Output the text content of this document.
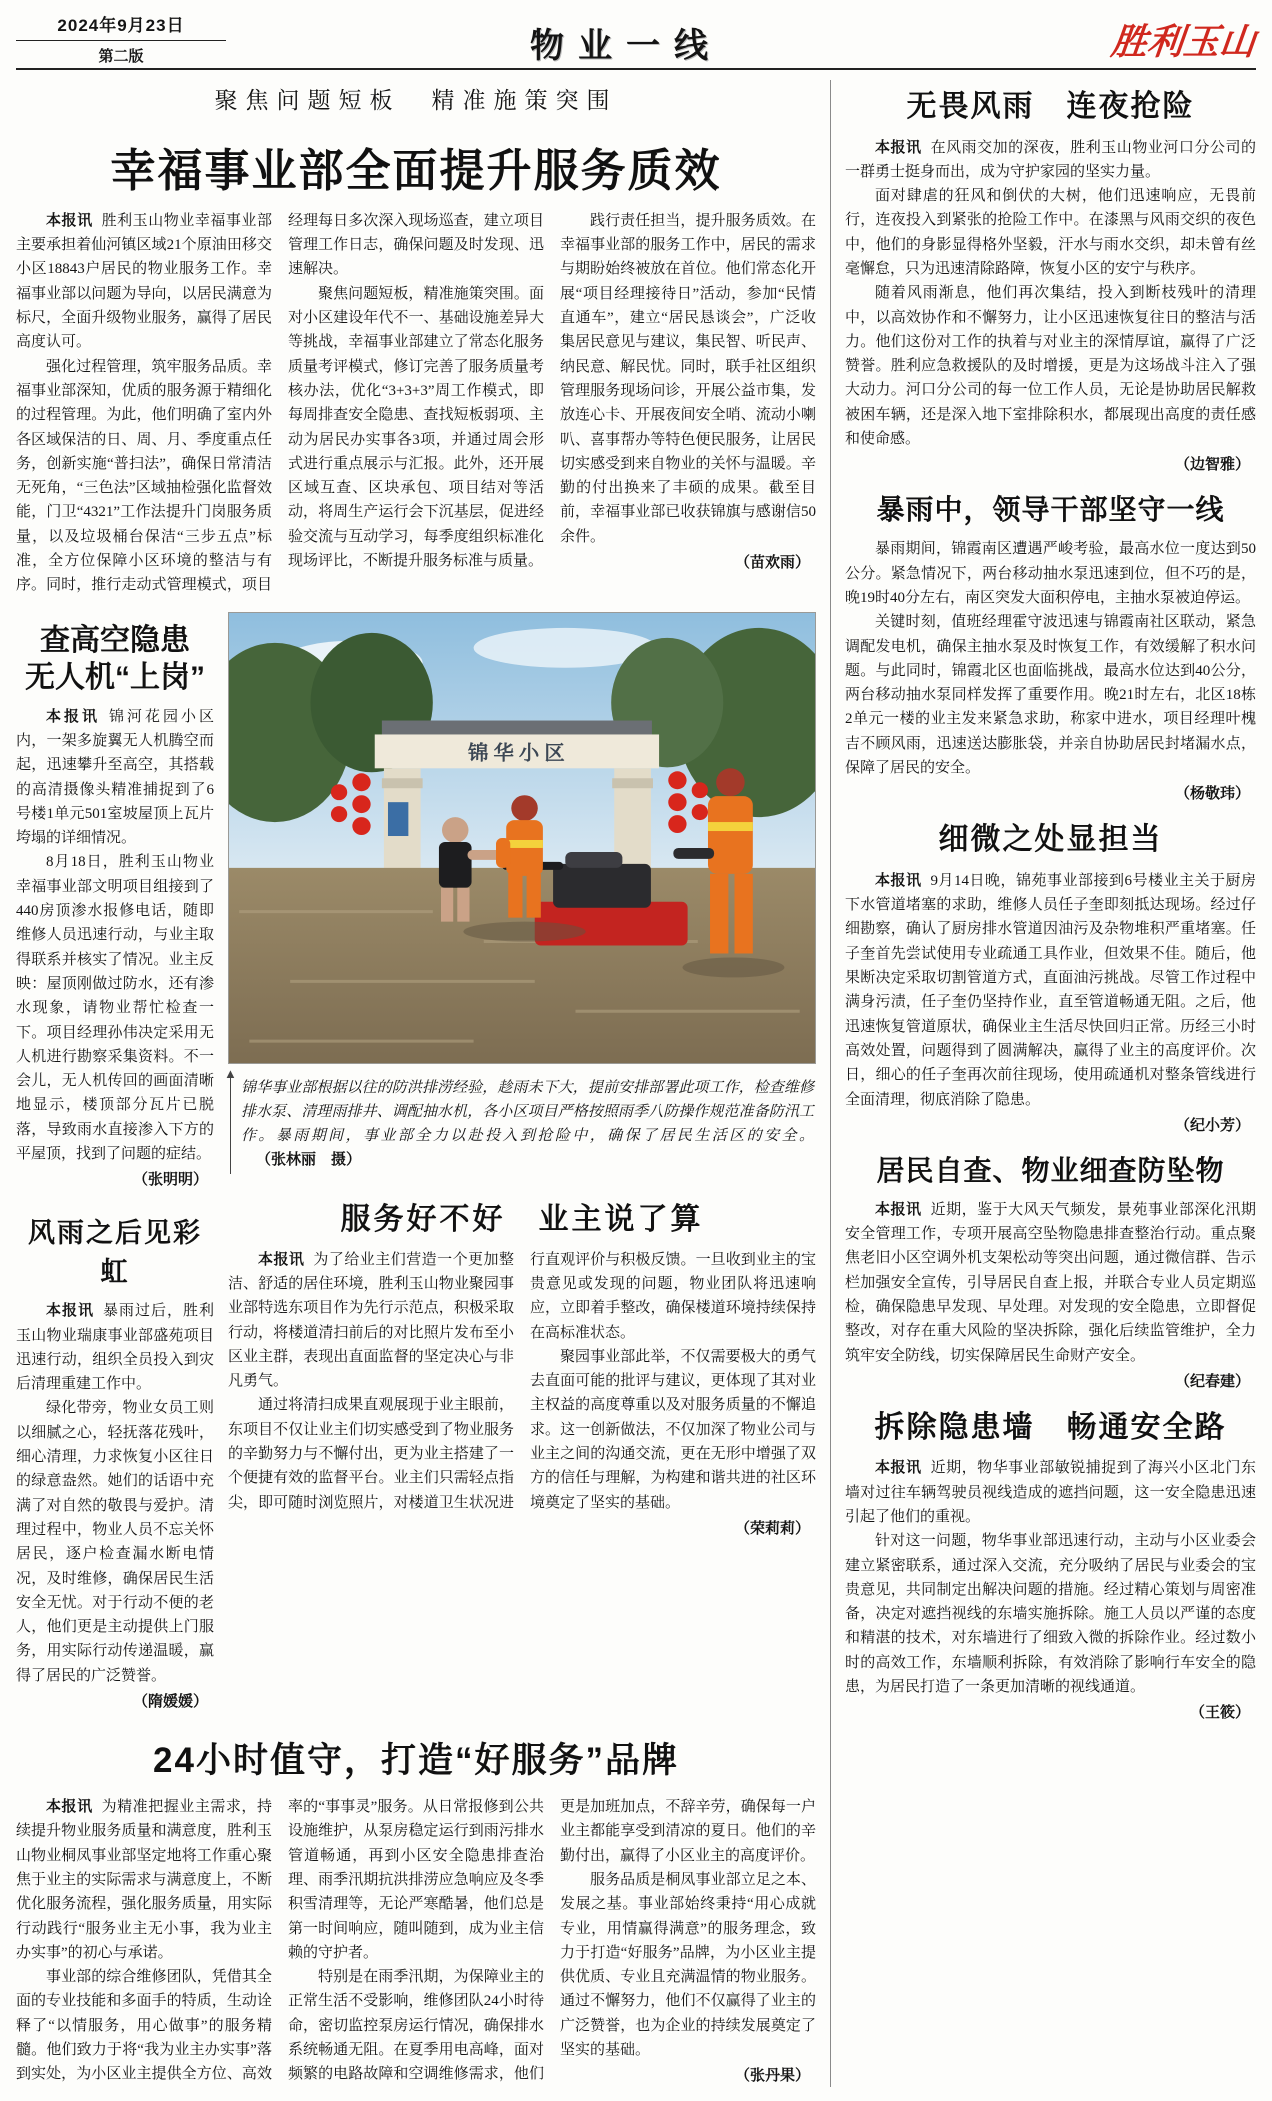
2024年9月23日
第二版	物业一线	胜利玉山
聚焦问题短板　精准施策突围
幸福事业部全面提升服务质效

本报讯 胜利玉山物业幸福事业部主要承担着仙河镇区域21个原油田移交小区18843户居民的物业服务工作。幸福事业部以问题为导向，以居民满意为标尺，全面升级物业服务，赢得了居民高度认可。

强化过程管理，筑牢服务品质。幸福事业部深知，优质的服务源于精细化的过程管理。为此，他们明确了室内外各区域保洁的日、周、月、季度重点任务，创新实施“普扫法”，确保日常清洁无死角，“三色法”区域抽检强化监督效能，门卫“4321”工作法提升门岗服务质量，以及垃圾桶台保洁“三步五点”标准，全方位保障小区环境的整洁与有序。同时，推行走动式管理模式，项目经理每日多次深入现场巡查，建立项目管理工作日志，确保问题及时发现、迅速解决。

聚焦问题短板，精准施策突围。面对小区建设年代不一、基础设施差异大等挑战，幸福事业部建立了常态化服务质量考评模式，修订完善了服务质量考核办法，优化“3+3+3”周工作模式，即每周排查安全隐患、查找短板弱项、主动为居民办实事各3项，并通过周会形式进行重点展示与汇报。此外，还开展区域互查、区块承包、项目结对等活动，将周生产运行会下沉基层，促进经验交流与互动学习，每季度组织标准化现场评比，不断提升服务标准与质量。

践行责任担当，提升服务质效。在幸福事业部的服务工作中，居民的需求与期盼始终被放在首位。他们常态化开展“项目经理接待日”活动，参加“民情直通车”，建立“居民恳谈会”，广泛收集居民意见与建议，集民智、听民声、纳民意、解民忧。同时，联手社区组织管理服务现场问诊，开展公益市集，发放连心卡、开展夜间安全哨、流动小喇叭、喜事帮办等特色便民服务，让居民切实感受到来自物业的关怀与温暖。辛勤的付出换来了丰硕的成果。截至目前，幸福事业部已收获锦旗与感谢信50余件。

（苗欢雨）
查高空隐患
无人机“上岗”

本报讯 锦河花园小区内，一架多旋翼无人机腾空而起，迅速攀升至高空，其搭载的高清摄像头精准捕捉到了6号楼1单元501室坡屋顶上瓦片垮塌的详细情况。

8月18日，胜利玉山物业幸福事业部文明项目组接到了440房顶渗水报修电话，随即维修人员迅速行动，与业主取得联系并核实了情况。业主反映：屋顶刚做过防水，还有渗水现象，请物业帮忙检查一下。项目经理孙伟决定采用无人机进行勘察采集资料。不一会儿，无人机传回的画面清晰地显示，楼顶部分瓦片已脱落，导致雨水直接渗入下方的平屋顶，找到了问题的症结。

（张明明）
风雨之后见彩虹

本报讯 暴雨过后，胜利玉山物业瑞康事业部盛苑项目迅速行动，组织全员投入到灾后清理重建工作中。

绿化带旁，物业女员工则以细腻之心，轻抚落花残叶，细心清理，力求恢复小区往日的绿意盎然。她们的话语中充满了对自然的敬畏与爱护。清理过程中，物业人员不忘关怀居民，逐户检查漏水断电情况，及时维修，确保居民生活安全无忧。对于行动不便的老人，他们更是主动提供上门服务，用实际行动传递温暖，赢得了居民的广泛赞誉。

（隋媛媛）
锦 华 小 区
▲
锦华事业部根据以往的防洪排涝经验，趁雨未下大，提前安排部署此项工作，检查维修排水泵、清理雨排井、调配抽水机，各小区项目严格按照雨季八防操作规范准备防汛工作。暴雨期间，事业部全力以赴投入到抢险中，确保了居民生活区的安全。 （张林丽　摄）
服务好不好　业主说了算

本报讯 为了给业主们营造一个更加整洁、舒适的居住环境，胜利玉山物业聚园事业部特选东项目作为先行示范点，积极采取行动，将楼道清扫前后的对比照片发布至小区业主群，表现出直面监督的坚定决心与非凡勇气。

通过将清扫成果直观展现于业主眼前，东项目不仅让业主们切实感受到了物业服务的辛勤努力与不懈付出，更为业主搭建了一个便捷有效的监督平台。业主们只需轻点指尖，即可随时浏览照片，对楼道卫生状况进行直观评价与积极反馈。一旦收到业主的宝贵意见或发现的问题，物业团队将迅速响应，立即着手整改，确保楼道环境持续保持在高标准状态。

聚园事业部此举，不仅需要极大的勇气去直面可能的批评与建议，更体现了其对业主权益的高度尊重以及对服务质量的不懈追求。这一创新做法，不仅加深了物业公司与业主之间的沟通交流，更在无形中增强了双方的信任与理解，为构建和谐共进的社区环境奠定了坚实的基础。

（荣莉莉）
24小时值守，打造“好服务”品牌

本报讯 为精准把握业主需求，持续提升物业服务质量和满意度，胜利玉山物业桐凤事业部坚定地将工作重心聚焦于业主的实际需求与满意度上，不断优化服务流程，强化服务质量，用实际行动践行“服务业主无小事，我为业主办实事”的初心与承诺。

事业部的综合维修团队，凭借其全面的专业技能和多面手的特质，生动诠释了“以情服务，用心做事”的服务精髓。他们致力于将“我为业主办实事”落到实处，为小区业主提供全方位、高效率的“事事灵”服务。从日常报修到公共设施维护，从泵房稳定运行到雨污排水管道畅通，再到小区安全隐患排查治理、雨季汛期抗洪排涝应急响应及冬季积雪清理等，无论严寒酷暑，他们总是第一时间响应，随叫随到，成为业主信赖的守护者。

特别是在雨季汛期，为保障业主的正常生活不受影响，维修团队24小时待命，密切监控泵房运行情况，确保排水系统畅通无阻。在夏季用电高峰，面对频繁的电路故障和空调维修需求，他们更是加班加点，不辞辛劳，确保每一户业主都能享受到清凉的夏日。他们的辛勤付出，赢得了小区业主的高度评价。

服务品质是桐凤事业部立足之本、发展之基。事业部始终秉持“用心成就专业，用情赢得满意”的服务理念，致力于打造“好服务”品牌，为小区业主提供优质、专业且充满温情的物业服务。通过不懈努力，他们不仅赢得了业主的广泛赞誉，也为企业的持续发展奠定了坚实的基础。

（张丹果）
无畏风雨　连夜抢险

本报讯 在风雨交加的深夜，胜利玉山物业河口分公司的一群勇士挺身而出，成为守护家园的坚实力量。

面对肆虐的狂风和倒伏的大树，他们迅速响应，无畏前行，连夜投入到紧张的抢险工作中。在漆黑与风雨交织的夜色中，他们的身影显得格外坚毅，汗水与雨水交织，却未曾有丝毫懈怠，只为迅速清除路障，恢复小区的安宁与秩序。

随着风雨渐息，他们再次集结，投入到断枝残叶的清理中，以高效协作和不懈努力，让小区迅速恢复往日的整洁与活力。他们这份对工作的执着与对业主的深情厚谊，赢得了广泛赞誉。胜利应急救援队的及时增援，更是为这场战斗注入了强大动力。河口分公司的每一位工作人员，无论是协助居民解救被困车辆，还是深入地下室排除积水，都展现出高度的责任感和使命感。

（边智雅）
暴雨中，领导干部坚守一线

暴雨期间，锦霞南区遭遇严峻考验，最高水位一度达到50公分。紧急情况下，两台移动抽水泵迅速到位，但不巧的是，晚19时40分左右，南区突发大面积停电，主抽水泵被迫停运。

关键时刻，值班经理霍守波迅速与锦霞南社区联动，紧急调配发电机，确保主抽水泵及时恢复工作，有效缓解了积水问题。与此同时，锦霞北区也面临挑战，最高水位达到40公分，两台移动抽水泵同样发挥了重要作用。晚21时左右，北区18栋2单元一楼的业主发来紧急求助，称家中进水，项目经理叶槐吉不顾风雨，迅速送达膨胀袋，并亲自协助居民封堵漏水点，保障了居民的安全。

（杨敬玮）
细微之处显担当

本报讯 9月14日晚，锦苑事业部接到6号楼业主关于厨房下水管道堵塞的求助，维修人员任子奎即刻抵达现场。经过仔细勘察，确认了厨房排水管道因油污及杂物堆积严重堵塞。任子奎首先尝试使用专业疏通工具作业，但效果不佳。随后，他果断决定采取切割管道方式，直面油污挑战。尽管工作过程中满身污渍，任子奎仍坚持作业，直至管道畅通无阻。之后，他迅速恢复管道原状，确保业主生活尽快回归正常。历经三小时高效处置，问题得到了圆满解决，赢得了业主的高度评价。次日，细心的任子奎再次前往现场，使用疏通机对整条管线进行全面清理，彻底消除了隐患。

（纪小芳）
居民自查、物业细查防坠物

本报讯 近期，鉴于大风天气频发，景苑事业部深化汛期安全管理工作，专项开展高空坠物隐患排查整治行动。重点聚焦老旧小区空调外机支架松动等突出问题，通过微信群、告示栏加强安全宣传，引导居民自查上报，并联合专业人员定期巡检，确保隐患早发现、早处理。对发现的安全隐患，立即督促整改，对存在重大风险的坚决拆除，强化后续监管维护，全力筑牢安全防线，切实保障居民生命财产安全。

（纪春建）
拆除隐患墙　畅通安全路

本报讯 近期，物华事业部敏锐捕捉到了海兴小区北门东墙对过往车辆驾驶员视线造成的遮挡问题，这一安全隐患迅速引起了他们的重视。

针对这一问题，物华事业部迅速行动，主动与小区业委会建立紧密联系，通过深入交流，充分吸纳了居民与业委会的宝贵意见，共同制定出解决问题的措施。经过精心策划与周密准备，决定对遮挡视线的东墙实施拆除。施工人员以严谨的态度和精湛的技术，对东墙进行了细致入微的拆除作业。经过数小时的高效工作，东墙顺利拆除，有效消除了影响行车安全的隐患，为居民打造了一条更加清晰的视线通道。

（王筱）
